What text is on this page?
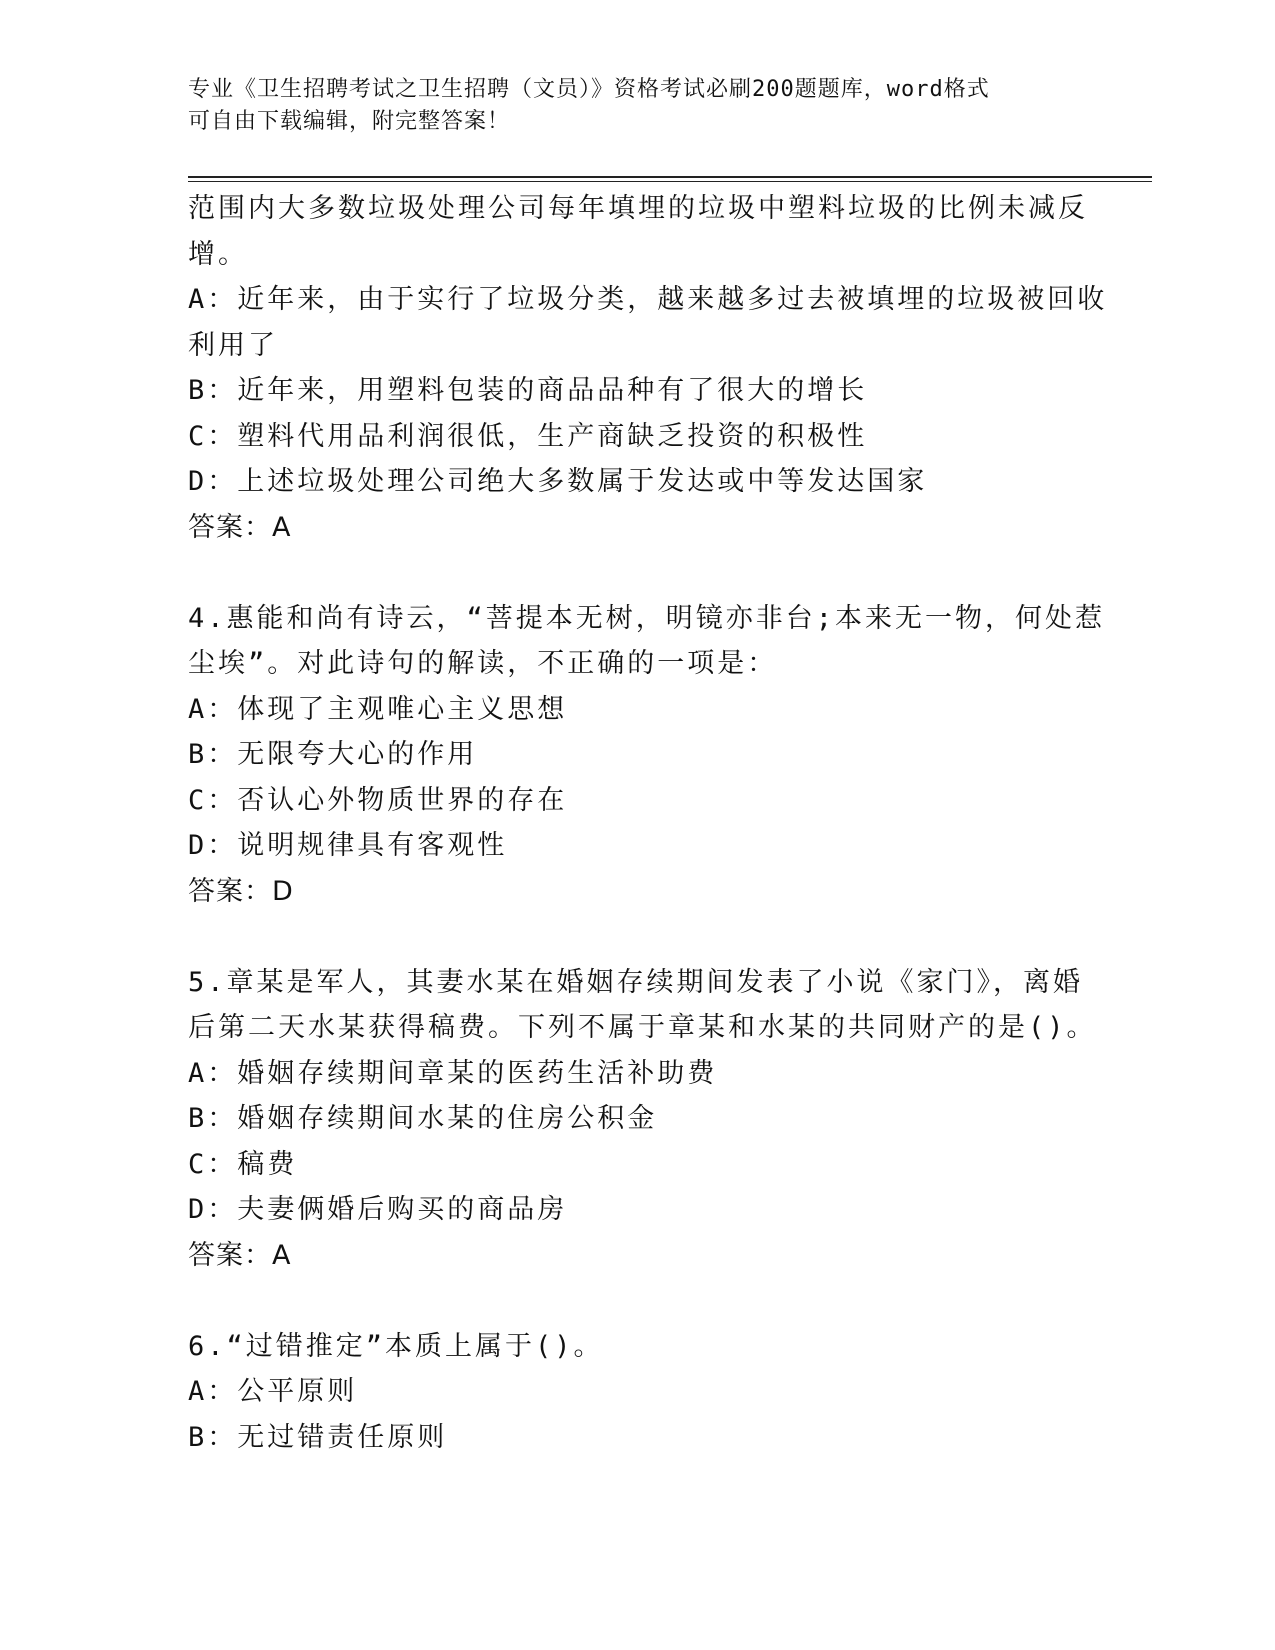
专业《卫生招聘考试之卫生招聘（文员）》资格考试必刷200题题库，word格式
可自由下载编辑，附完整答案！
范围内大多数垃圾处理公司每年填埋的垃圾中塑料垃圾的比例未减反
增。
A：近年来，由于实行了垃圾分类，越来越多过去被填埋的垃圾被回收
利用了
B：近年来，用塑料包装的商品品种有了很大的增长
C：塑料代用品利润很低，生产商缺乏投资的积极性
D：上述垃圾处理公司绝大多数属于发达或中等发达国家
答案：A
4.惠能和尚有诗云，“菩提本无树，明镜亦非台;本来无一物，何处惹
尘埃”。对此诗句的解读，不正确的一项是：
A：体现了主观唯心主义思想
B：无限夸大心的作用
C：否认心外物质世界的存在
D：说明规律具有客观性
答案：D
5.章某是军人，其妻水某在婚姻存续期间发表了小说《家门》，离婚
后第二天水某获得稿费。下列不属于章某和水某的共同财产的是()。
A：婚姻存续期间章某的医药生活补助费
B：婚姻存续期间水某的住房公积金
C：稿费
D：夫妻俩婚后购买的商品房
答案：A
6.“过错推定”本质上属于()。
A：公平原则
B：无过错责任原则
